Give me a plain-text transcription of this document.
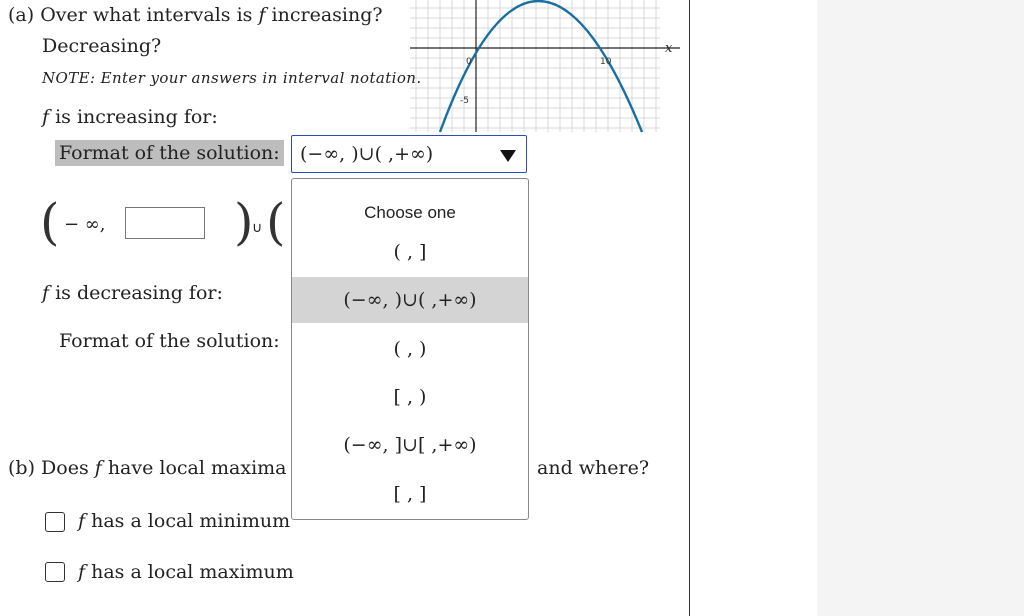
0	10
-5
x
(a) Over what intervals is f increasing?
Decreasing?
NOTE: Enter your answers in interval notation.
f is increasing for:
Format of the solution:	(−∞, )∪( ,+∞)
( − ∞,	)
∪ (
f is decreasing for:
Format of the solution:
(b) Does f have local maxima	and where?
f has a local minimum
f has a local maximum
Choose one
( , ]
(−∞, )∪( ,+∞)
( , )
[ , )
(−∞, ]∪[ ,+∞)
[ , ]
